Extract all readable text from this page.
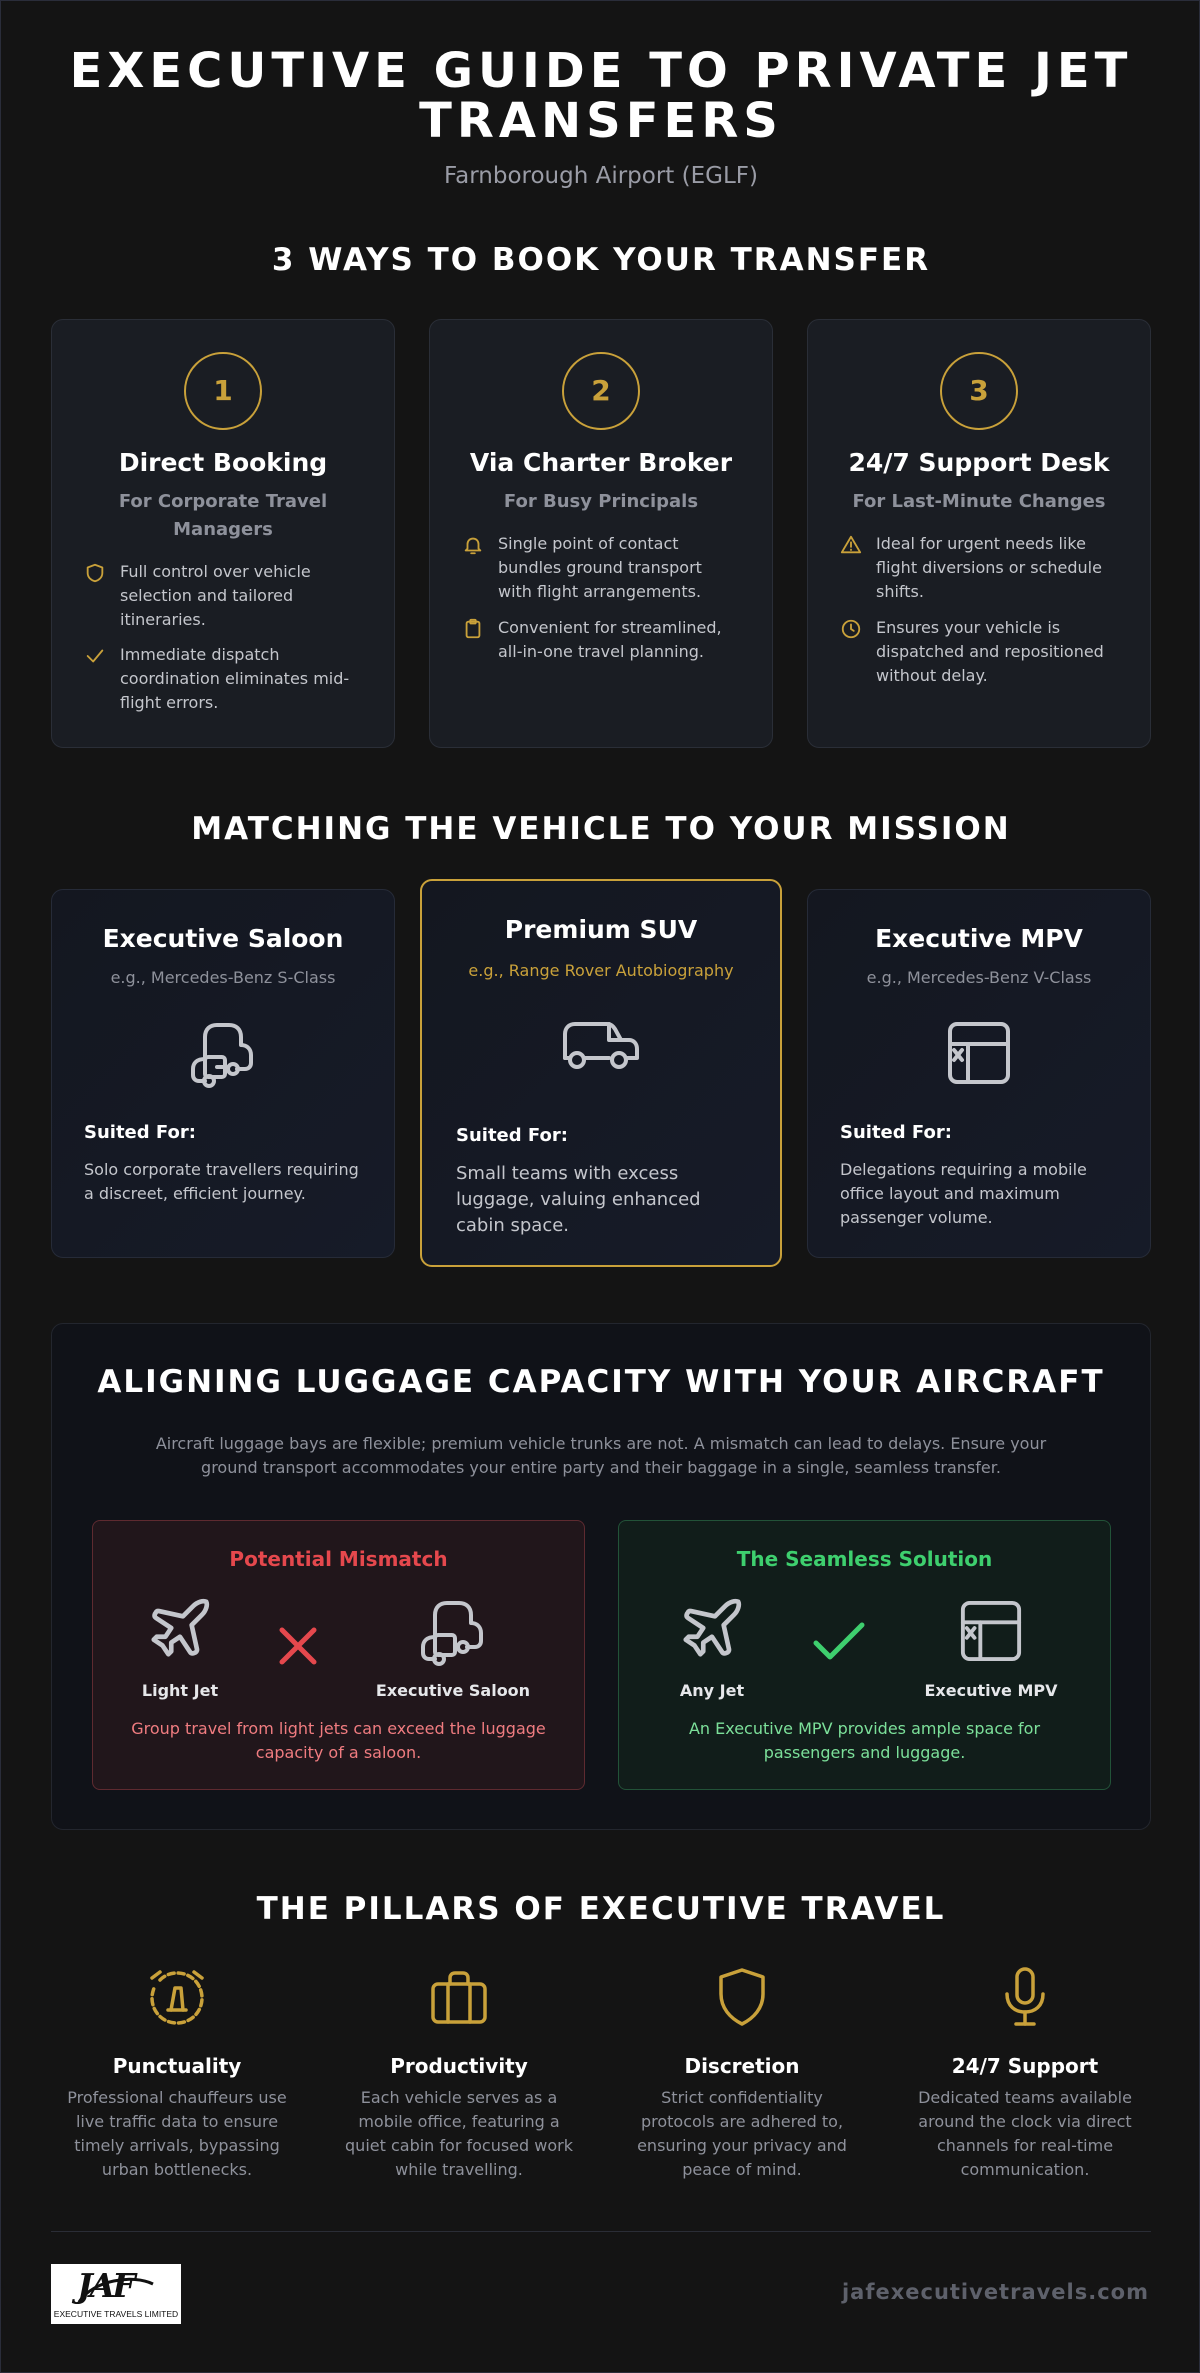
EXECUTIVE GUIDE TO PRIVATE JET
TRANSFERS
Farnborough Airport (EGLF)
3 WAYS TO BOOK YOUR TRANSFER
1
Direct Booking
For Corporate Travel Managers
Full control over vehicle selection and tailored itineraries.
Immediate dispatch coordination eliminates mid-flight errors.
2
Via Charter Broker
For Busy Principals
Single point of contact bundles ground transport with flight arrangements.
Convenient for streamlined, all-in-one travel planning.
3
24/7 Support Desk
For Last-Minute Changes
Ideal for urgent needs like flight diversions or schedule shifts.
Ensures your vehicle is dispatched and repositioned without delay.
MATCHING THE VEHICLE TO YOUR MISSION
Executive Saloon
e.g., Mercedes-Benz S-Class
Suited For:
Solo corporate travellers requiring a discreet, efficient journey.
Premium SUV
e.g., Range Rover Autobiography
Suited For:
Small teams with excess luggage, valuing enhanced cabin space.
Executive MPV
e.g., Mercedes-Benz V-Class
Suited For:
Delegations requiring a mobile office layout and maximum passenger volume.
ALIGNING LUGGAGE CAPACITY WITH YOUR AIRCRAFT
Aircraft luggage bays are flexible; premium vehicle trunks are not. A mismatch can lead to delays. Ensure your ground transport accommodates your entire party and their baggage in a single, seamless transfer.
Potential Mismatch
Light Jet	Executive Saloon
Group travel from light jets can exceed the luggage capacity of a saloon.
The Seamless Solution
Any Jet	Executive MPV
An Executive MPV provides ample space for passengers and luggage.
THE PILLARS OF EXECUTIVE TRAVEL
Punctuality
Professional chauffeurs use live traffic data to ensure timely arrivals, bypassing urban bottlenecks.
Productivity
Each vehicle serves as a mobile office, featuring a quiet cabin for focused work while travelling.
Discretion
Strict confidentiality protocols are adhered to, ensuring your privacy and peace of mind.
24/7 Support
Dedicated teams available around the clock via direct channels for real-time communication.
JAF
EXECUTIVE TRAVELS LIMITED
jafexecutivetravels.com
